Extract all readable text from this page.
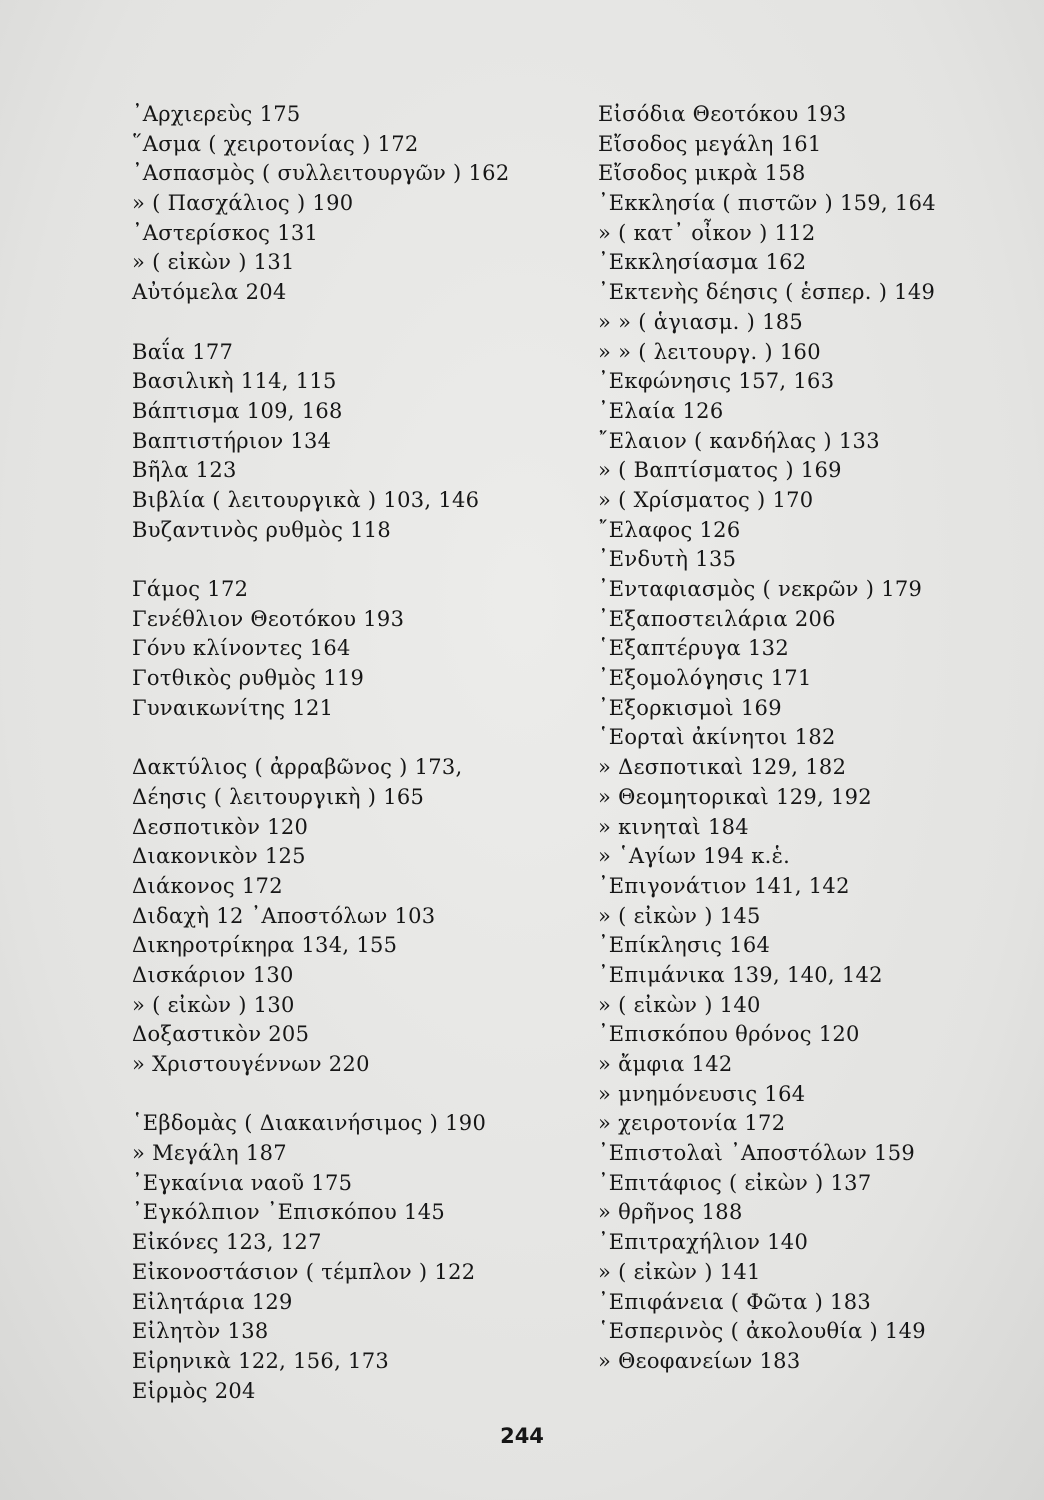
᾿Αρχιερεὺς 175
῞Ασμα ( χειροτονίας ) 172
᾿Ασπασμὸς ( συλλειτουργῶν ) 162
» ( Πασχάλιος ) 190
᾿Αστερίσκος 131
» ( εἰκὼν ) 131
Αὐτόμελα 204
Βαΐα 177
Βασιλικὴ 114, 115
Βάπτισμα 109, 168
Βαπτιστήριον 134
Βῆλα 123
Βιβλία ( λειτουργικὰ ) 103, 146
Βυζαντινὸς ρυθμὸς 118
Γάμος 172
Γενέθλιον Θεοτόκου 193
Γόνυ κλίνοντες 164
Γοτθικὸς ρυθμὸς 119
Γυναικωνίτης 121
Δακτύλιος ( ἀρραβῶνος ) 173,
Δέησις ( λειτουργικὴ ) 165
Δεσποτικὸν 120
Διακονικὸν 125
Διάκονος 172
Διδαχὴ 12 ᾿Αποστόλων 103
Δικηροτρίκηρα 134, 155
Δισκάριον 130
» ( εἰκὼν ) 130
Δοξαστικὸν 205
» Χριστουγέννων 220
῾Εβδομὰς ( Διακαινήσιμος ) 190
» Μεγάλη 187
᾿Εγκαίνια ναοῦ 175
᾿Εγκόλπιον ᾿Επισκόπου 145
Εἰκόνες 123, 127
Εἰκονοστάσιον ( τέμπλον ) 122
Εἰλητάρια 129
Εἰλητὸν 138
Εἰρηνικὰ 122, 156, 173
Εἱρμὸς 204
Εἰσόδια Θεοτόκου 193
Εἴσοδος μεγάλη 161
Εἴσοδος μικρὰ 158
᾿Εκκλησία ( πιστῶν ) 159, 164
» ( κατ᾿ οἶκον ) 112
᾿Εκκλησίασμα 162
᾿Εκτενὴς δέησις ( ἑσπερ. ) 149
» » ( ἁγιασμ. ) 185
» » ( λειτουργ. ) 160
᾿Εκφώνησις 157, 163
᾿Ελαία 126
῎Ελαιον ( κανδήλας ) 133
» ( Βαπτίσματος ) 169
» ( Χρίσματος ) 170
῎Ελαφος 126
᾿Ενδυτὴ 135
᾿Ενταφιασμὸς ( νεκρῶν ) 179
᾿Εξαποστειλάρια 206
῾Εξαπτέρυγα 132
᾿Εξομολόγησις 171
᾿Εξορκισμοὶ 169
῾Εορταὶ ἀκίνητοι 182
» Δεσποτικαὶ 129, 182
» Θεομητορικαὶ 129, 192
» κινηταὶ 184
» ῾Αγίων 194 κ.ἑ.
᾿Επιγονάτιον 141, 142
» ( εἰκὼν ) 145
᾿Επίκλησις 164
᾿Επιμάνικα 139, 140, 142
» ( εἰκὼν ) 140
᾿Επισκόπου θρόνος 120
» ἄμφια 142
» μνημόνευσις 164
» χειροτονία 172
᾿Επιστολαὶ ᾿Αποστόλων 159
᾿Επιτάφιος ( εἰκὼν ) 137
» θρῆνος 188
᾿Επιτραχήλιον 140
» ( εἰκὼν ) 141
᾿Επιφάνεια ( Φῶτα ) 183
῾Εσπερινὸς ( ἀκολουθία ) 149
» Θεοφανείων 183
244
